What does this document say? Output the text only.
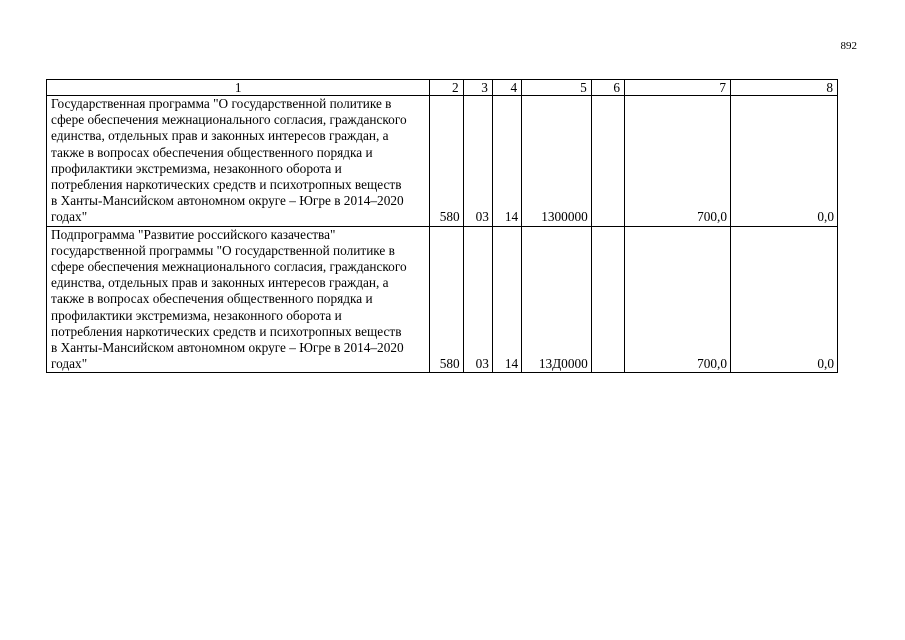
892
1	2	3	4	5	6	7	8

Государственная программа "О государственной политике в сфере обеспечения межнационального согласия, гражданского единства, отдельных прав и законных интересов граждан, а также в вопросах обеспечения общественного порядка и профилактики экстремизма, незаконного оборота и потребления наркотических средств и психотропных веществ в Ханты-Мансийском автономном округе – Югре в 2014–2020 годах"	580	03	14	1300000		700,0	0,0

Подпрограмма "Развитие российского казачества" государственной программы "О государственной политике в сфере обеспечения межнационального согласия, гражданского единства, отдельных прав и законных интересов граждан, а также в вопросах обеспечения общественного порядка и профилактики экстремизма, незаконного оборота и потребления наркотических средств и психотропных веществ в Ханты-Мансийском автономном округе – Югре в 2014–2020 годах"	580	03	14	13Д0000		700,0	0,0
